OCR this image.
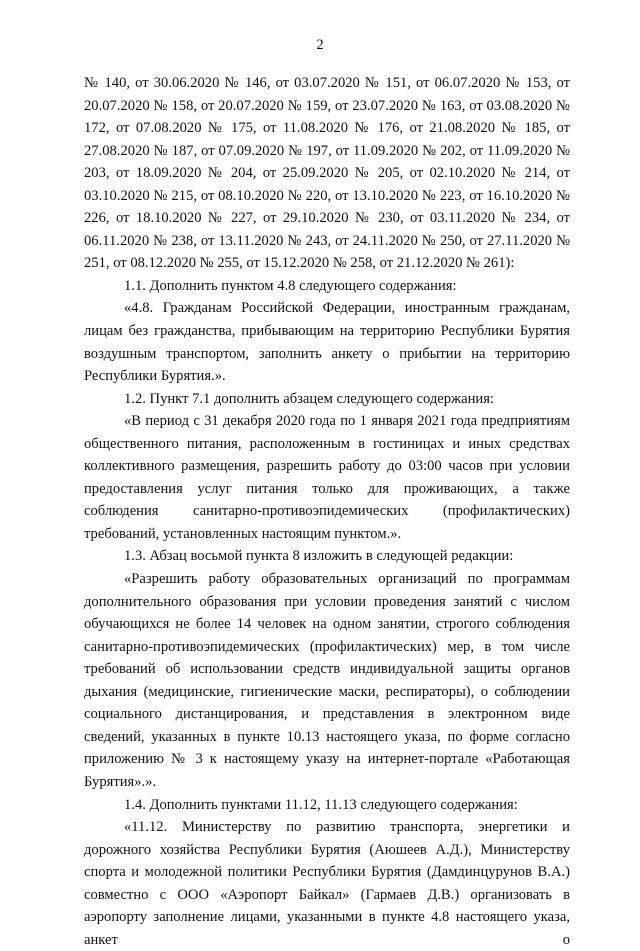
2

№ 140, от 30.06.2020 № 146, от 03.07.2020 № 151, от 06.07.2020 № 153, от 20.07.2020 № 158, от 20.07.2020 № 159, от 23.07.2020 № 163, от 03.08.2020 № 172, от 07.08.2020 № 175, от 11.08.2020 № 176, от 21.08.2020 № 185, от 27.08.2020 № 187, от 07.09.2020 № 197, от 11.09.2020 № 202, от 11.09.2020 № 203, от 18.09.2020 № 204, от 25.09.2020 № 205, от 02.10.2020 № 214, от 03.10.2020 № 215, от 08.10.2020 № 220, от 13.10.2020 № 223, от 16.10.2020 № 226, от 18.10.2020 № 227, от 29.10.2020 № 230, от 03.11.2020 № 234, от 06.11.2020 № 238, от 13.11.2020 № 243, от 24.11.2020 № 250, от 27.11.2020 № 251, от 08.12.2020 № 255, от 15.12.2020 № 258, от 21.12.2020 № 261):

1.1. Дополнить пунктом 4.8 следующего содержания:

«4.8. Гражданам Российской Федерации, иностранным гражданам, лицам без гражданства, прибывающим на территорию Республики Бурятия воздушным транспортом, заполнить анкету о прибытии на территорию Республики Бурятия.».

1.2. Пункт 7.1 дополнить абзацем следующего содержания:

«В период с 31 декабря 2020 года по 1 января 2021 года предприятиям общественного питания, расположенным в гостиницах и иных средствах коллективного размещения, разрешить работу до 03:00 часов при условии предоставления услуг питания только для проживающих, а также соблюдения санитарно-противоэпидемических (профилактических) требований, установленных настоящим пунктом.».

1.3. Абзац восьмой пункта 8 изложить в следующей редакции:

«Разрешить работу образовательных организаций по программам дополнительного образования при условии проведения занятий с числом обучающихся не более 14 человек на одном занятии, строгого соблюдения санитарно-противоэпидемических (профилактических) мер, в том числе требований об использовании средств индивидуальной защиты органов дыхания (медицинские, гигиенические маски, респираторы), о соблюдении социального дистанцирования, и представления в электронном виде сведений, указанных в пункте 10.13 настоящего указа, по форме согласно приложению № 3 к настоящему указу на интернет-портале «Работающая Бурятия».».

1.4. Дополнить пунктами 11.12, 11.13 следующего содержания:

«11.12. Министерству по развитию транспорта, энергетики и дорожного хозяйства Республики Бурятия (Аюшеев А.Д.), Министерству спорта и молодежной политики Республики Бурятия (Дамдинцурунов В.А.) совместно с ООО «Аэропорт Байкал» (Гармаев Д.В.) организовать в аэропорту заполнение лицами, указанными в пункте 4.8 настоящего указа, анкет о
